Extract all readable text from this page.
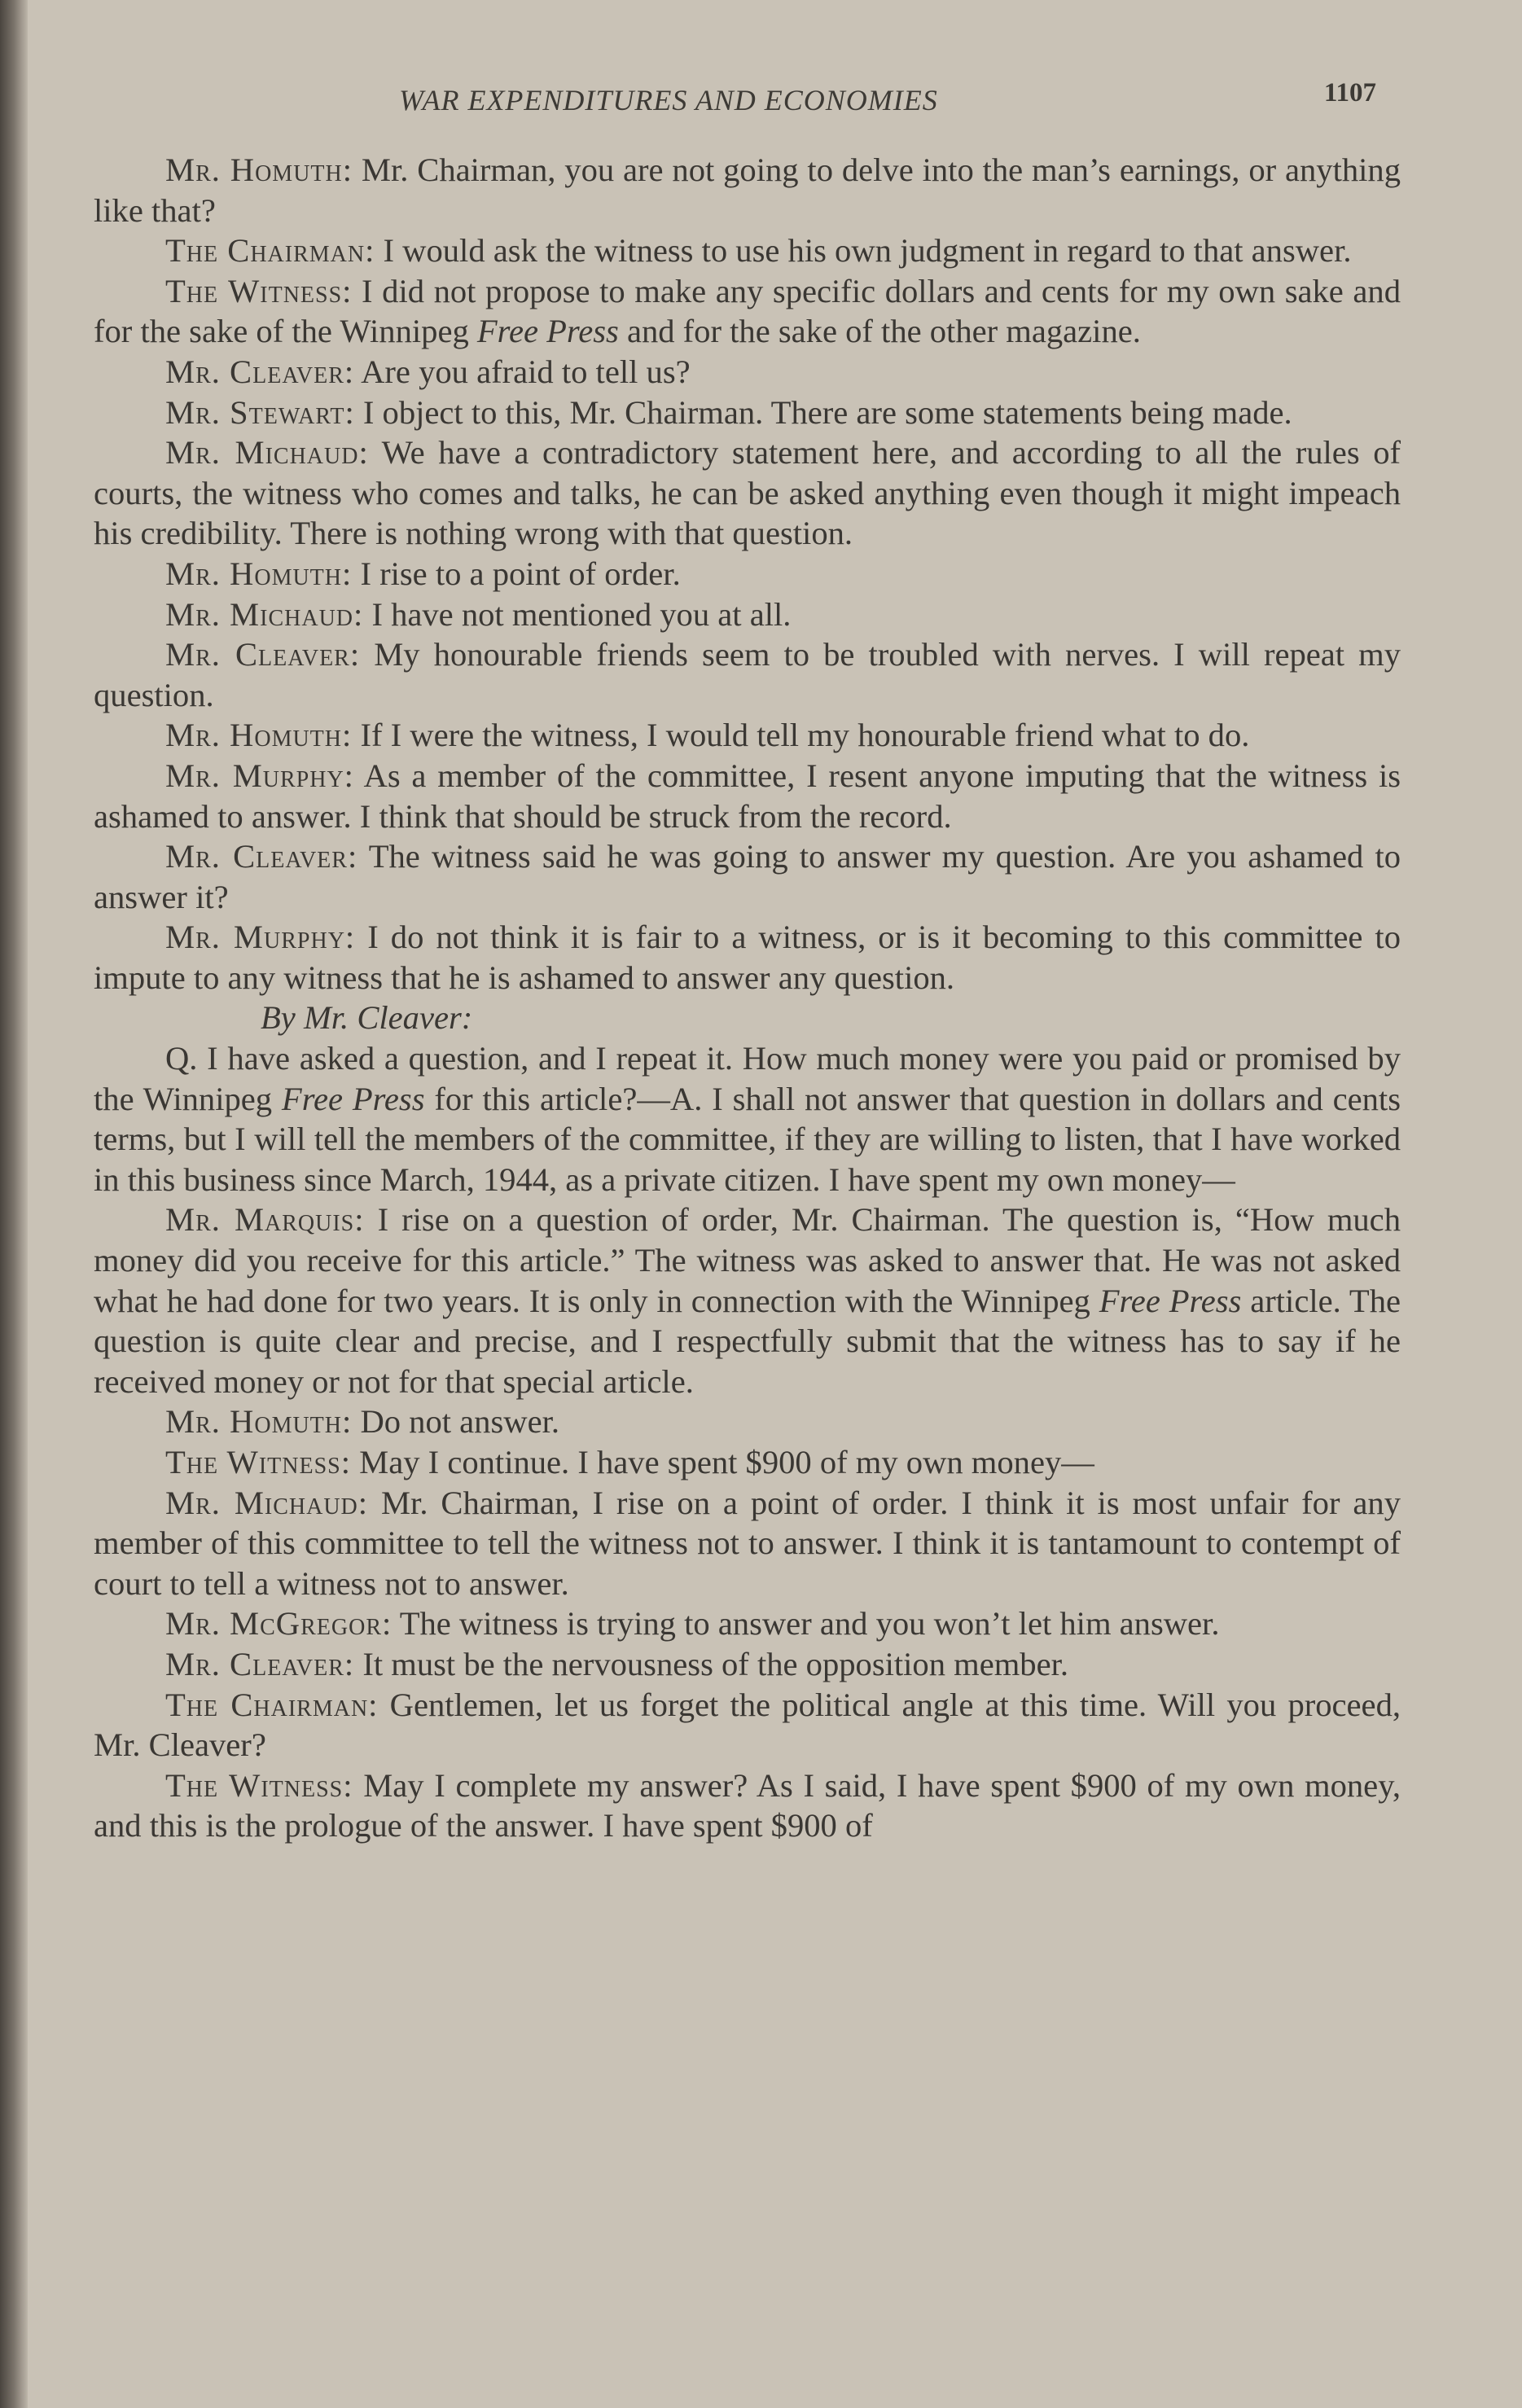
WAR EXPENDITURES AND ECONOMIES	1107

Mr. Homuth: Mr. Chairman, you are not going to delve into the man’s earnings, or anything like that?

The Chairman: I would ask the witness to use his own judgment in regard to that answer.

The Witness: I did not propose to make any specific dollars and cents for my own sake and for the sake of the Winnipeg Free Press and for the sake of the other magazine.

Mr. Cleaver: Are you afraid to tell us?

Mr. Stewart: I object to this, Mr. Chairman. There are some statements being made.

Mr. Michaud: We have a contradictory statement here, and according to all the rules of courts, the witness who comes and talks, he can be asked anything even though it might impeach his credibility. There is nothing wrong with that question.

Mr. Homuth: I rise to a point of order.

Mr. Michaud: I have not mentioned you at all.

Mr. Cleaver: My honourable friends seem to be troubled with nerves. I will repeat my question.

Mr. Homuth: If I were the witness, I would tell my honourable friend what to do.

Mr. Murphy: As a member of the committee, I resent anyone imputing that the witness is ashamed to answer. I think that should be struck from the record.

Mr. Cleaver: The witness said he was going to answer my question. Are you ashamed to answer it?

Mr. Murphy: I do not think it is fair to a witness, or is it becoming to this committee to impute to any witness that he is ashamed to answer any question.

By Mr. Cleaver:

Q. I have asked a question, and I repeat it. How much money were you paid or promised by the Winnipeg Free Press for this article?—A. I shall not answer that question in dollars and cents terms, but I will tell the members of the committee, if they are willing to listen, that I have worked in this business since March, 1944, as a private citizen. I have spent my own money—

Mr. Marquis: I rise on a question of order, Mr. Chairman. The question is, “How much money did you receive for this article.” The witness was asked to answer that. He was not asked what he had done for two years. It is only in connection with the Winnipeg Free Press article. The question is quite clear and precise, and I respectfully submit that the witness has to say if he received money or not for that special article.

Mr. Homuth: Do not answer.

The Witness: May I continue. I have spent $900 of my own money—

Mr. Michaud: Mr. Chairman, I rise on a point of order. I think it is most unfair for any member of this committee to tell the witness not to answer. I think it is tantamount to contempt of court to tell a witness not to answer.

Mr. McGregor: The witness is trying to answer and you won’t let him answer.

Mr. Cleaver: It must be the nervousness of the opposition member.

The Chairman: Gentlemen, let us forget the political angle at this time. Will you proceed, Mr. Cleaver?

The Witness: May I complete my answer? As I said, I have spent $900 of my own money, and this is the prologue of the answer. I have spent $900 of
